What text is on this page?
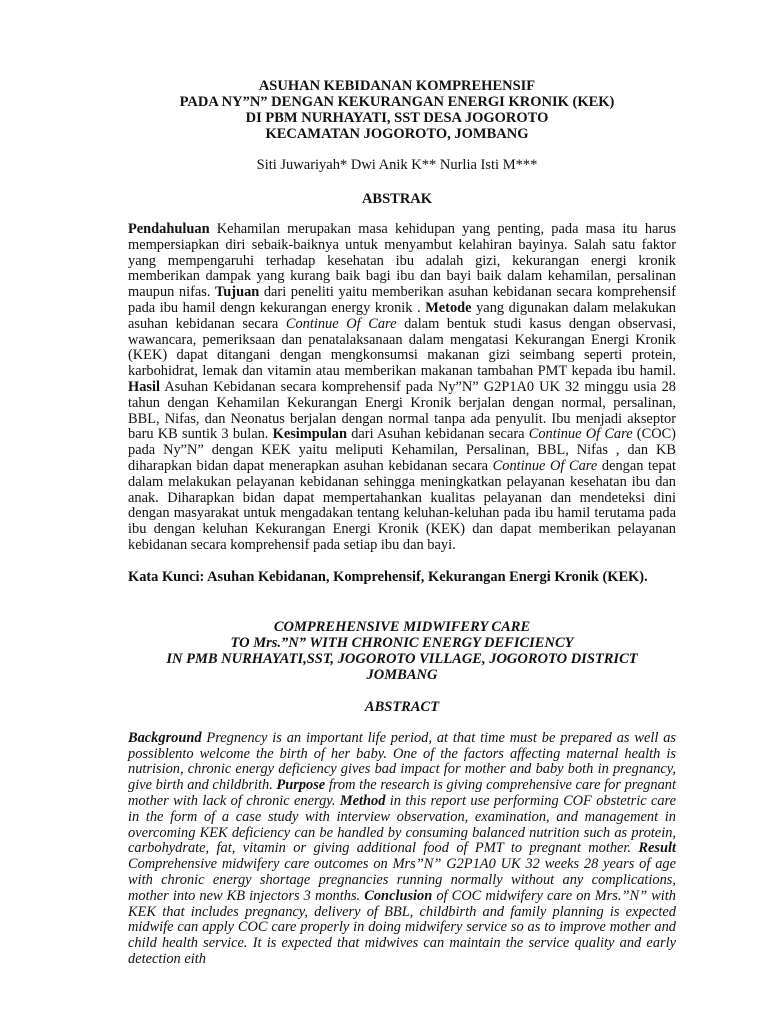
ASUHAN KEBIDANAN KOMPREHENSIF
PADA NY”N” DENGAN KEKURANGAN ENERGI KRONIK (KEK)
DI PBM NURHAYATI, SST DESA JOGOROTO
KECAMATAN JOGOROTO, JOMBANG
Siti Juwariyah* Dwi Anik K** Nurlia Isti M***
ABSTRAK
Pendahuluan Kehamilan merupakan masa kehidupan yang penting, pada masa itu harus mempersiapkan diri sebaik-baiknya untuk menyambut kelahiran bayinya. Salah satu faktor yang mempengaruhi terhadap kesehatan ibu adalah gizi, kekurangan energi kronik memberikan dampak yang kurang baik bagi ibu dan bayi baik dalam kehamilan, persalinan maupun nifas. Tujuan dari peneliti yaitu memberikan asuhan kebidanan secara komprehensif pada ibu hamil dengn kekurangan energy kronik . Metode yang digunakan dalam melakukan asuhan kebidanan secara Continue Of Care dalam bentuk studi kasus dengan observasi, wawancara, pemeriksaan dan penatalaksanaan dalam mengatasi Kekurangan Energi Kronik (KEK) dapat ditangani dengan mengkonsumsi makanan gizi seimbang seperti protein, karbohidrat, lemak dan vitamin atau memberikan makanan tambahan PMT kepada ibu hamil. Hasil Asuhan Kebidanan secara komprehensif pada Ny”N” G2P1A0 UK 32 minggu usia 28 tahun dengan Kehamilan Kekurangan Energi Kronik berjalan dengan normal, persalinan, BBL, Nifas, dan Neonatus berjalan dengan normal tanpa ada penyulit. Ibu menjadi akseptor baru KB suntik 3 bulan. Kesimpulan dari Asuhan kebidanan secara Continue Of Care (COC) pada Ny”N” dengan KEK yaitu meliputi Kehamilan, Persalinan, BBL, Nifas , dan KB diharapkan bidan dapat menerapkan asuhan kebidanan secara Continue Of Care dengan tepat dalam melakukan pelayanan kebidanan sehingga meningkatkan pelayanan kesehatan ibu dan anak. Diharapkan bidan dapat mempertahankan kualitas pelayanan dan mendeteksi dini dengan masyarakat untuk mengadakan tentang keluhan-keluhan pada ibu hamil terutama pada ibu dengan keluhan Kekurangan Energi Kronik (KEK) dan dapat memberikan pelayanan kebidanan secara komprehensif pada setiap ibu dan bayi.
Kata Kunci: Asuhan Kebidanan, Komprehensif, Kekurangan Energi Kronik (KEK).
COMPREHENSIVE MIDWIFERY CARE
TO Mrs.”N” WITH CHRONIC ENERGY DEFICIENCY
IN PMB NURHAYATI,SST, JOGOROTO VILLAGE, JOGOROTO DISTRICT
JOMBANG
ABSTRACT
Background Pregnency is an important life period, at that time must be prepared as well as possiblento welcome the birth of her baby. One of the factors affecting maternal health is nutrision, chronic energy deficiency gives bad impact for mother and baby both in pregnancy, give birth and childbrith. Purpose from the research is giving comprehensive care for pregnant mother with lack of chronic energy. Method in this report use performing COF obstetric care in the form of a case study with interview observation, examination, and management in overcoming KEK deficiency can be handled by consuming balanced nutrition such as protein, carbohydrate, fat, vitamin or giving additional food of PMT to pregnant mother. Result Comprehensive midwifery care outcomes on Mrs”N” G2P1A0 UK 32 weeks 28 years of age with chronic energy shortage pregnancies running normally without any complications, mother into new KB injectors 3 months. Conclusion of COC midwifery care on Mrs.”N” with KEK that includes pregnancy, delivery of BBL, childbirth and family planning is expected midwife can apply COC care properly in doing midwifery service so as to improve mother and child health service. It is expected that midwives can maintain the service quality and early detection eith
